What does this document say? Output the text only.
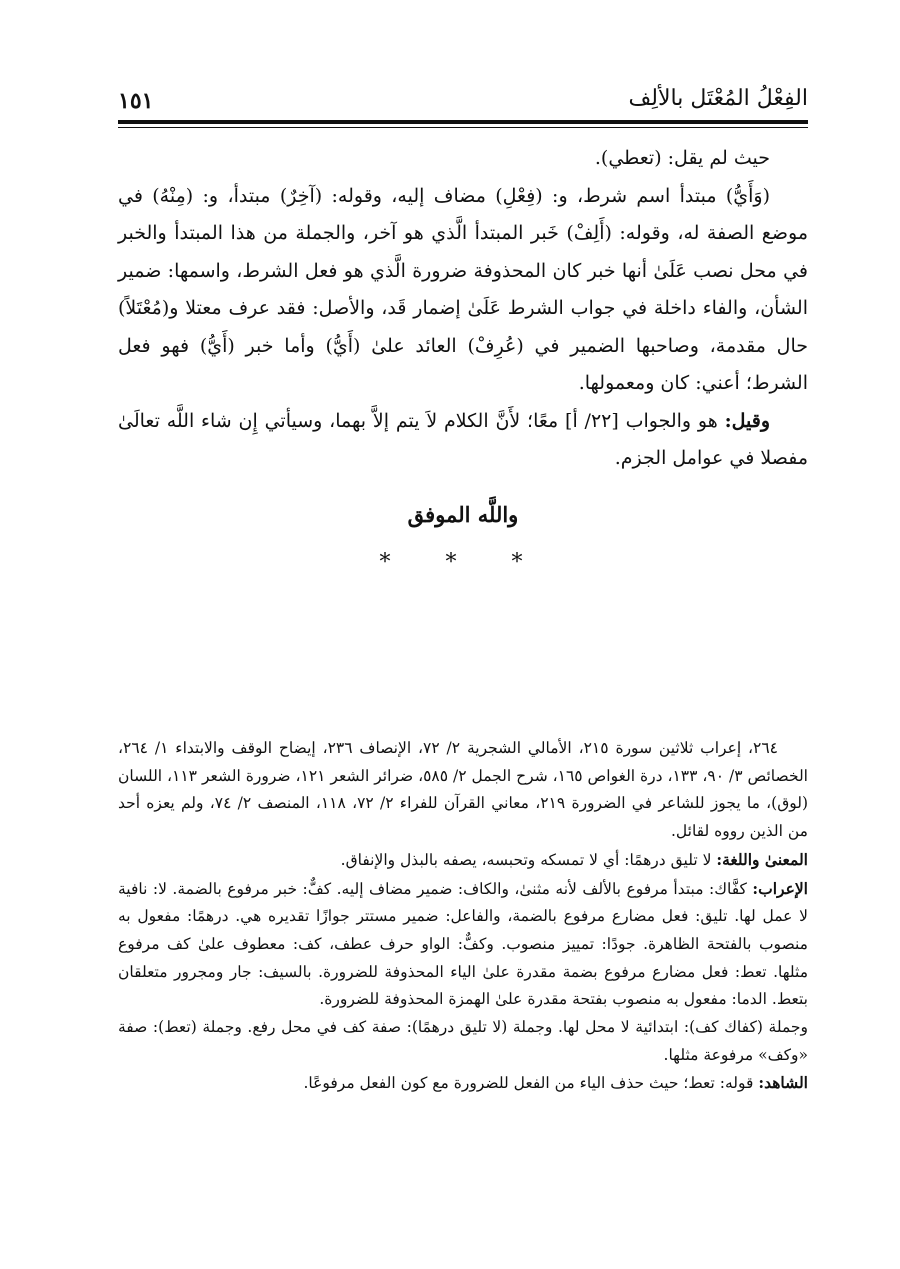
١٥١	الفِعْلُ المُعْتَل بالألِف

حيث لم يقل: (تعطي).

(وَأَيُّ) مبتدأ اسم شرط، و: (فِعْلِ) مضاف إليه، وقوله: (آخِرٌ) مبتدأ، و: (مِنْهُ) في موضع الصفة له، وقوله: (أَلِفْ) خَبر المبتدأ الَّذي هو آخر، والجملة من هذا المبتدأ والخبر في محل نصب عَلَىٰ أنها خبر كان المحذوفة ضرورة الَّذي هو فعل الشرط، واسمها: ضمير الشأن، والفاء داخلة في جواب الشرط عَلَىٰ إضمار قَد، والأصل: فقد عرف معتلا و(مُعْتَلاً) حال مقدمة، وصاحبها الضمير في (عُرِفْ) العائد علىٰ (أَيُّ) وأما خبر (أَيُّ) فهو فعل الشرط؛ أعني: كان ومعمولها.

وقيل: هو والجواب [٢٢/ أ] معًا؛ لأَنَّ الكلام لاَ يتم إلاَّ بهما، وسيأتي إِن شاء اللَّه تعالَىٰ مفصلا في عوامل الجزم.

واللَّه الموفق
* * *

٢٦٤، إعراب ثلاثين سورة ٢١٥، الأمالي الشجرية ٢/ ٧٢، الإنصاف ٢٣٦، إيضاح الوقف والابتداء ١/ ٢٦٤، الخصائص ٣/ ٩٠، ١٣٣، درة الغواص ١٦٥، شرح الجمل ٢/ ٥٨٥، ضرائر الشعر ١٢١، ضرورة الشعر ١١٣، اللسان (لوق)، ما يجوز للشاعر في الضرورة ٢١٩، معاني القرآن للفراء ٢/ ٧٢، ١١٨، المنصف ٢/ ٧٤، ولم يعزه أحد من الذين رووه لقائل.

المعنىٰ واللغة: لا تليق درهمًا: أي لا تمسكه وتحبسه، يصفه بالبذل والإنفاق.

الإعراب: كفَّاك: مبتدأ مرفوع بالألف لأنه مثنىٰ، والكاف: ضمير مضاف إليه. كفٌّ: خبر مرفوع بالضمة. لا: نافية لا عمل لها. تليق: فعل مضارع مرفوع بالضمة، والفاعل: ضمير مستتر جوازًا تقديره هي. درهمًا: مفعول به منصوب بالفتحة الظاهرة. جودًا: تمييز منصوب. وكفٌّ: الواو حرف عطف، كف: معطوف علىٰ كف مرفوع مثلها. تعط: فعل مضارع مرفوع بضمة مقدرة علىٰ الياء المحذوفة للضرورة. بالسيف: جار ومجرور متعلقان بتعط. الدما: مفعول به منصوب بفتحة مقدرة علىٰ الهمزة المحذوفة للضرورة.

وجملة (كفاك كف): ابتدائية لا محل لها. وجملة (لا تليق درهمًا): صفة كف في محل رفع. وجملة (تعط): صفة «وكف» مرفوعة مثلها.

الشاهد: قوله: تعط؛ حيث حذف الياء من الفعل للضرورة مع كون الفعل مرفوعًا.
